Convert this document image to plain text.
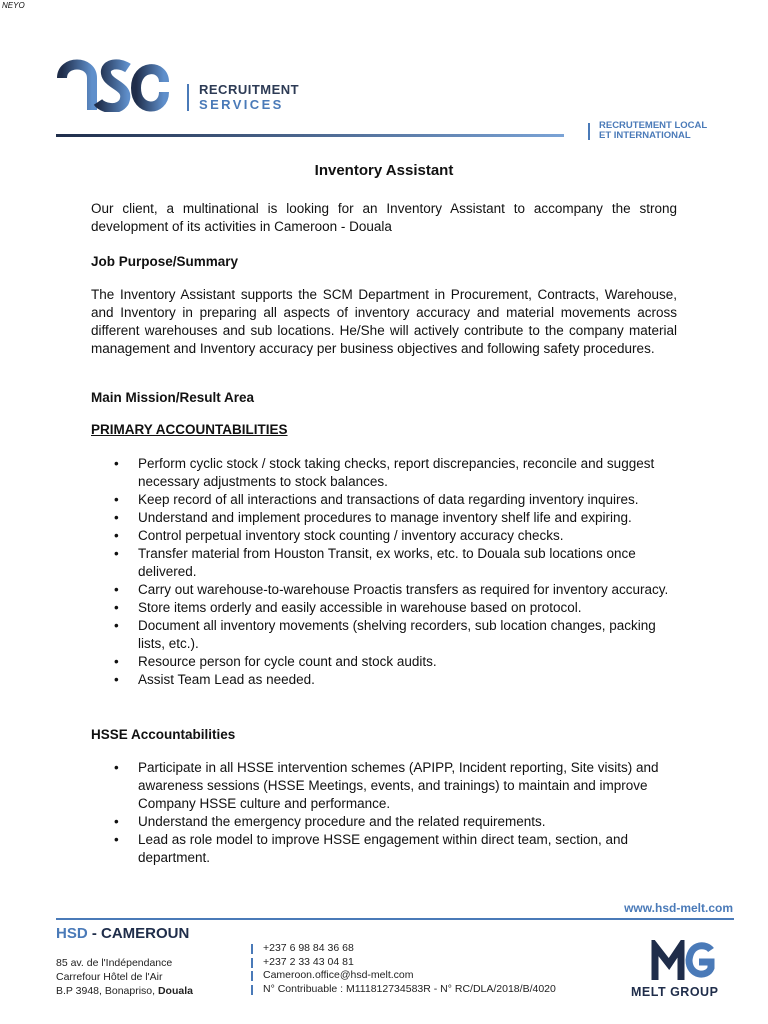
NEYO
RECRUITMENT
SERVICES
RECRUTEMENT LOCAL
ET INTERNATIONAL
Inventory Assistant
Our client, a multinational is looking for an Inventory Assistant to accompany the strong development of its activities in Cameroon - Douala
Job Purpose/Summary
The Inventory Assistant supports the SCM Department in Procurement, Contracts, Warehouse, and Inventory in preparing all aspects of inventory accuracy and material movements across different warehouses and sub locations. He/She will actively contribute to the company material management and Inventory accuracy per business objectives and following safety procedures.
Main Mission/Result Area
PRIMARY ACCOUNTABILITIES
• Perform cyclic stock / stock taking checks, report discrepancies, reconcile and suggest necessary adjustments to stock balances.
• Keep record of all interactions and transactions of data regarding inventory inquires.
• Understand and implement procedures to manage inventory shelf life and expiring.
• Control perpetual inventory stock counting / inventory accuracy checks.
• Transfer material from Houston Transit, ex works, etc. to Douala sub locations once delivered.
• Carry out warehouse-to-warehouse Proactis transfers as required for inventory accuracy.
• Store items orderly and easily accessible in warehouse based on protocol.
• Document all inventory movements (shelving recorders, sub location changes, packing lists, etc.).
• Resource person for cycle count and stock audits.
• Assist Team Lead as needed.
HSSE Accountabilities
• Participate in all HSSE intervention schemes (APIPP, Incident reporting, Site visits) and awareness sessions (HSSE Meetings, events, and trainings) to maintain and improve Company HSSE culture and performance.
• Understand the emergency procedure and the related requirements.
• Lead as role model to improve HSSE engagement within direct team, section, and department.
www.hsd-melt.com
HSD - CAMEROUN
85 av. de l'Indépendance
Carrefour Hôtel de l'Air
B.P 3948, Bonapriso, Douala
+237 6 98 84 36 68
+237 2 33 43 04 81
Cameroon.office@hsd-melt.com
N° Contribuable : M111812734583R - N° RC/DLA/2018/B/4020	MELT GROUP
